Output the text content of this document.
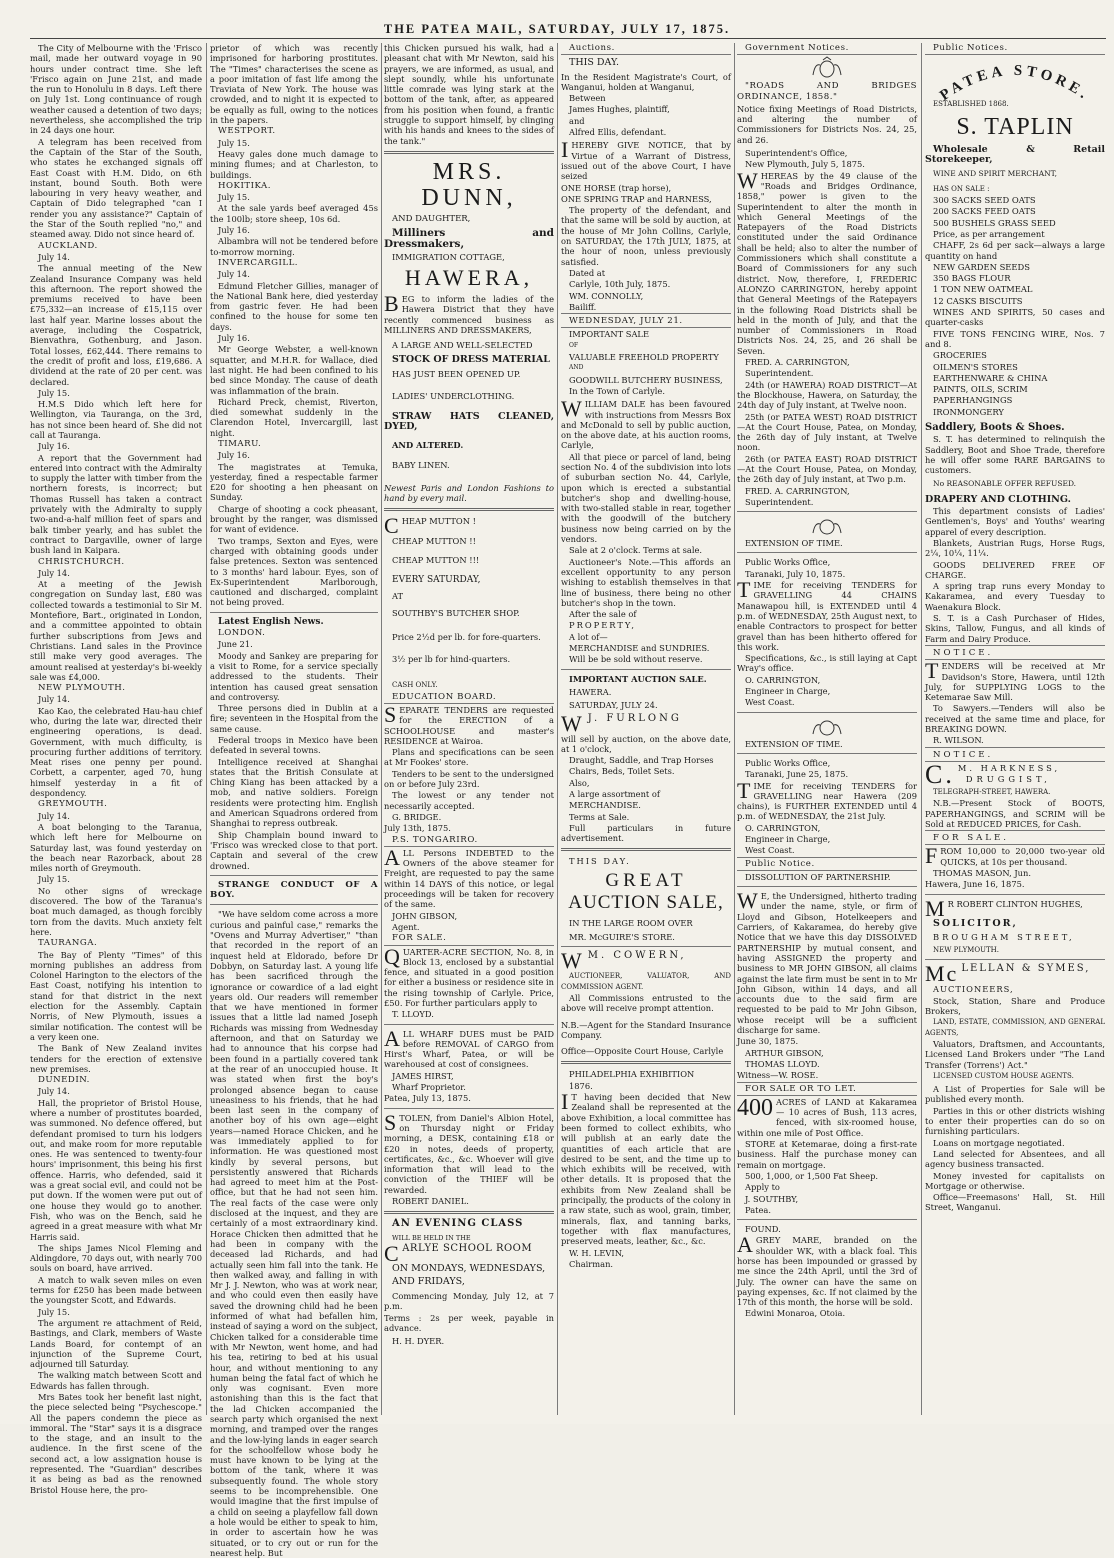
THE PATEA MAIL, SATURDAY, JULY 17, 1875.

The City of Melbourne with the 'Frisco mail, made her outward voyage in 90 hours under contract time. She left 'Frisco again on June 21st, and made the run to Honolulu in 8 days. Left there on July 1st. Long continuance of rough weather caused a detention of two days; nevertheless, she accomplished the trip in 24 days one hour.

A telegram has been received from the Captain of the Star of the South, who states he exchanged signals off East Coast with H.M. Dido, on 6th instant, bound South. Both were labouring in very heavy weather, and Captain of Dido telegraphed "can I render you any assistance?" Captain of the Star of the South replied "no," and steamed away. Dido not since heard of.

AUCKLAND.

July 14.

The annual meeting of the New Zealand Insurance Company was held this afternoon. The report showed the premiums received to have been £75,332—an increase of £15,115 over last half year. Marine losses about the average, including the Cospatrick, Bienvathra, Gothenburg, and Jason. Total losses, £62,444. There remains to the credit of profit and loss, £19,686. A dividend at the rate of 20 per cent. was declared.

July 15.

H.M.S Dido which left here for Wellington, via Tauranga, on the 3rd, has not since been heard of. She did not call at Tauranga.

July 16.

A report that the Government had entered into contract with the Admiralty to supply the latter with timber from the northern forests, is incorrect; but Thomas Russell has taken a contract privately with the Admiralty to supply two-and-a-half million feet of spars and balk timber yearly, and has sublet the contract to Dargaville, owner of large bush land in Kaipara.

CHRISTCHURCH.

July 14.

At a meeting of the Jewish congregation on Sunday last, £80 was collected towards a testimonial to Sir M. Montefiore, Bart., originated in London, and a committee appointed to obtain further subscriptions from Jews and Christians. Land sales in the Province still make very good averages. The amount realised at yesterday's bi-weekly sale was £4,000.

NEW PLYMOUTH.

July 14.

Kao Kao, the celebrated Hau-hau chief who, during the late war, directed their engineering operations, is dead. Government, with much difficulty, is procuring further additions of territory. Meat rises one penny per pound. Corbett, a carpenter, aged 70, hung himself yesterday in a fit of despondency.

GREYMOUTH.

July 14.

A boat belonging to the Taranua, which left here for Melbourne on Saturday last, was found yesterday on the beach near Razorback, about 28 miles north of Greymouth.

July 15.

No other signs of wreckage discovered. The bow of the Taranua's boat much damaged, as though forcibly torn from the davits. Much anxiety felt here.

TAURANGA.

The Bay of Plenty "Times" of this morning publishes an address from Colonel Harington to the electors of the East Coast, notifying his intention to stand for that district in the next election for the Assembly. Captain Norris, of New Plymouth, issues a similar notification. The contest will be a very keen one.

The Bank of New Zealand invites tenders for the erection of extensive new premises.

DUNEDIN.

July 14.

Hall, the proprietor of Bristol House, where a number of prostitutes boarded, was summoned. No defence offered, but defendant promised to turn his lodgers out, and make room for more reputable ones. He was sentenced to twenty-four hours' imprisonment, this being his first offence. Harris, who defended, said it was a great social evil, and could not be put down. If the women were put out of one house they would go to another. Fish, who was on the Bench, said he agreed in a great measure with what Mr Harris said.

The ships James Nicol Fleming and Aldingdore, 70 days out, with nearly 700 souls on board, have arrived.

A match to walk seven miles on even terms for £250 has been made between the youngster Scott, and Edwards.

July 15.

The argument re attachment of Reid, Bastings, and Clark, members of Waste Lands Board, for contempt of an injunction of the Supreme Court, adjourned till Saturday.

The walking match between Scott and Edwards has fallen through.

Mrs Bates took her benefit last night, the piece selected being "Psychescope." All the papers condemn the piece as immoral. The "Star" says it is a disgrace to the stage, and an insult to the audience. In the first scene of the second act, a low assignation house is represented. The "Guardian" describes it as being as bad as the renowned Bristol House here, the pro-

prietor of which was recently imprisoned for harboring prostitutes. The "Times" characterises the scene as a poor imitation of fast life among the Traviata of New York. The house was crowded, and to night it is expected to be equally as full, owing to the notices in the papers.

WESTPORT.

July 15.

Heavy gales done much damage to mining flumes; and at Charleston, to buildings.

HOKITIKA.

July 15.

At the sale yards beef averaged 45s the 100lb; store sheep, 10s 6d.

July 16.

Albambra will not be tendered before to-morrow morning.

INVERCARGILL.

July 14.

Edmund Fletcher Gillies, manager of the National Bank here, died yesterday from gastric fever. He had been confined to the house for some ten days.

July 16.

Mr George Webster, a well-known squatter, and M.H.R. for Wallace, died last night. He had been confined to his bed since Monday. The cause of death was inflammation of the brain.

Richard Preck, chemist, Riverton, died somewhat suddenly in the Clarendon Hotel, Invercargill, last night.

TIMARU.

July 16.

The magistrates at Temuka, yesterday, fined a respectable farmer £20 for shooting a hen pheasant on Sunday.

Charge of shooting a cock pheasant, brought by the ranger, was dismissed for want of evidence.

Two tramps, Sexton and Eyes, were charged with obtaining goods under false pretences. Sexton was sentenced to 3 months' hard labour. Eyes, son of Ex-Superintendent Marlborough, cautioned and discharged, complaint not being proved.

Latest English News.

LONDON.

June 21.

Moody and Sankey are preparing for a visit to Rome, for a service specially addressed to the students. Their intention has caused great sensation and controversy.

Three persons died in Dublin at a fire; seventeen in the Hospital from the same cause.

Federal troops in Mexico have been defeated in several towns.

Intelligence received at Shanghai states that the British Consulate at Ching Kiang has been attacked by a mob, and native soldiers. Foreign residents were protecting him. English and American Squadrons ordered from Shanghai to repress outbreak.

Ship Champlain bound inward to 'Frisco was wrecked close to that port. Captain and several of the crew drowned.

STRANGE CONDUCT OF A BOY.

"We have seldom come across a more curious and painful case," remarks the "Ovens and Murray Advertiser," "than that recorded in the report of an inquest held at Eldorado, before Dr Dobbyn, on Saturday last. A young life has been sacrificed through the ignorance or cowardice of a lad eight years old. Our readers will remember that we have mentioned in former issues that a little lad named Joseph Richards was missing from Wednesday afternoon, and that on Saturday we had to announce that his corpse had been found in a partially covered tank at the rear of an unoccupied house. It was stated when first the boy's prolonged absence began to cause uneasiness to his friends, that he had been last seen in the company of another boy of his own age—eight years—named Horace Chicken, and he was immediately applied to for information. He was questioned most kindly by several persons, but persistently answered that Richards had agreed to meet him at the Post-office, but that he had not seen him. The real facts of the case were only disclosed at the inquest, and they are certainly of a most extraordinary kind. Horace Chicken then admitted that he had been in company with the deceased lad Richards, and had actually seen him fall into the tank. He then walked away, and falling in with Mr J. J. Newton, who was at work near, and who could even then easily have saved the drowning child had he been informed of what had befallen him, instead of saying a word on the subject, Chicken talked for a considerable time with Mr Newton, went home, and had his tea, retiring to bed at his usual hour, and without mentioning to any human being the fatal fact of which he only was cognisant. Even more astonishing than this is the fact that the lad Chicken accompanied the search party which organised the next morning, and tramped over the ranges and the low-lying lands in eager search for the schoolfellow whose body he must have known to be lying at the bottom of the tank, where it was subsequently found. The whole story seems to be incomprehensible. One would imagine that the first impulse of a child on seeing a playfellow fall down a hole would be either to speak to him, in order to ascertain how he was situated, or to cry out or run for the nearest help. But

this Chicken pursued his walk, had a pleasant chat with Mr Newton, said his prayers, we are informed, as usual, and slept soundly, while his unfortunate little comrade was lying stark at the bottom of the tank, after, as appeared from his position when found, a frantic struggle to support himself, by clinging with his hands and knees to the sides of the tank."

MRS. DUNN,

AND DAUGHTER,

Milliners and Dressmakers,

IMMIGRATION COTTAGE,

HAWERA,

BEG to inform the ladies of the Hawera District that they have recently commenced business as MILLINERS AND DRESSMAKERS,

A LARGE AND WELL-SELECTED

STOCK OF DRESS MATERIAL

HAS JUST BEEN OPENED UP.

LADIES' UNDERCLOTHING.

STRAW HATS CLEANED, DYED,

AND ALTERED.

BABY LINEN.

Newest Paris and London Fashions to hand by every mail.

CHEAP MUTTON !

CHEAP MUTTON !!

CHEAP MUTTON !!!

EVERY SATURDAY,

AT

SOUTHBY'S BUTCHER SHOP.

Price 2½d per lb. for fore-quarters.

3½ per lb for hind-quarters.

CASH ONLY.

EDUCATION BOARD.

SEPARATE TENDERS are requested for the ERECTION of a SCHOOLHOUSE and master's RESIDENCE at Wairoa.

Plans and specifications can be seen at Mr Fookes' store.

Tenders to be sent to the undersigned on or before July 23rd.

The lowest or any tender not necessarily accepted.

G. BRIDGE.

July 13th, 1875.

P.S. TONGARIRO.

ALL Persons INDEBTED to the Owners of the above steamer for Freight, are requested to pay the same within 14 DAYS of this notice, or legal proceedings will be taken for recovery of the same.

JOHN GIBSON,

Agent.

FOR SALE.

QUARTER-ACRE SECTION, No. 8, in Block 13, enclosed by a substantial fence, and situated in a good position for either a business or residence site in the rising township of Carlyle. Price, £50. For further particulars apply to

T. LLOYD.

ALL WHARF DUES must be PAID before REMOVAL of CARGO from Hirst's Wharf, Patea, or will be warehoused at cost of consignees.

JAMES HIRST,

Wharf Proprietor.

Patea, July 13, 1875.

STOLEN, from Daniel's Albion Hotel, on Thursday night or Friday morning, a DESK, containing £18 or £20 in notes, deeds of property, certificates, &c., &c. Whoever will give information that will lead to the conviction of the THIEF will be rewarded.

ROBERT DANIEL.

AN EVENING CLASS

WILL BE HELD IN THE

CARLYE SCHOOL ROOM

ON MONDAYS, WEDNESDAYS,

AND FRIDAYS,

Commencing Monday, July 12, at 7 p.m.

Terms : 2s per week, payable in advance.

H. H. DYER.

Auctions.

THIS DAY.

In the Resident Magistrate's Court, of Wanganui, holden at Wanganui,

Between

James Hughes, plaintiff,

and

Alfred Ellis, defendant.

IHEREBY GIVE NOTICE, that by Virtue of a Warrant of Distress, issued out of the above Court, I have seized

ONE HORSE (trap horse),

ONE SPRING TRAP and HARNESS,

The property of the defendant, and that the same will be sold by auction, at the house of Mr John Collins, Carlyle, on SATURDAY, the 17th JULY, 1875, at the hour of noon, unless previously satisfied.

Dated at

Carlyle, 10th July, 1875.

WM. CONNOLLY,

Bailiff.

WEDNESDAY, JULY 21.

IMPORTANT SALE

OF

VALUABLE FREEHOLD PROPERTY

AND

GOODWILL BUTCHERY BUSINESS,

In the Town of Carlyle.

WILLIAM DALE has been favoured with instructions from Messrs Box and McDonald to sell by public auction, on the above date, at his auction rooms, Carlyle,

All that piece or parcel of land, being section No. 4 of the subdivision into lots of suburban section No. 44, Carlyle, upon which is erected a substantial butcher's shop and dwelling-house, with two-stalled stable in rear, together with the goodwill of the butchery business now being carried on by the vendors.

Sale at 2 o'clock. Terms at sale.

Auctioneer's Note.—This affords an excellent opportunity to any person wishing to establish themselves in that line of business, there being no other butcher's shop in the town.

After the sale of

PROPERTY,

A lot of—

MERCHANDISE and SUNDRIES.

Will be be sold without reserve.

IMPORTANT AUCTION SALE.

HAWERA.

SATURDAY, JULY 24.

W J. FURLONG

will sell by auction, on the above date, at 1 o'clock,

Draught, Saddle, and Trap Horses

Chairs, Beds, Toilet Sets.

Also,

A large assortment of

MERCHANDISE.

Terms at Sale.

Full particulars in future advertisement.

THIS DAY.

GREAT
AUCTION SALE,

IN THE LARGE ROOM OVER

MR. McGUIRE'S STORE.

W M. COWERN,

AUCTIONEER, VALUATOR, AND COMMISSION AGENT.

All Commissions entrusted to the above will receive prompt attention.

N.B.—Agent for the Standard Insurance Company.

Office—Opposite Court House, Carlyle

PHILADELPHIA EXHIBITION

1876.

I T having been decided that New Zealand shall be represented at the above Exhibition, a local committee has been formed to collect exhibits, who will publish at an early date the quantities of each article that are desired to be sent, and the time up to which exhibits will be received, with other details. It is proposed that the exhibits from New Zealand shall be principally, the products of the colony in a raw state, such as wool, grain, timber, minerals, flax, and tanning barks, together with flax manufactures, preserved meats, leather, &c., &c.

W. H. LEVIN,

Chairman.

Government Notices.

"ROADS AND BRIDGES ORDINANCE, 1858."

Notice fixing Meetings of Road Districts, and altering the number of Commissioners for Districts Nos. 24, 25, and 26.

Superintendent's Office,

New Plymouth, July 5, 1875.

WHEREAS by the 49 clause of the "Roads and Bridges Ordinance, 1858," power is given to the Superintendent to alter the month in which General Meetings of the Ratepayers of the Road Districts constituted under the said Ordinance shall be held; also to alter the number of Commissioners which shall constitute a Board of Commissioners for any such district. Now, therefore, I, FREDERIC ALONZO CARRINGTON, hereby appoint that General Meetings of the Ratepayers in the following Road Districts shall be held in the month of July, and that the number of Commissioners in Road Districts Nos. 24, 25, and 26 shall be Seven.

FRED. A. CARRINGTON,

Superintendent.

24th (or HAWERA) ROAD DISTRICT—At the Blockhouse, Hawera, on Saturday, the 24th day of July instant, at Twelve noon.

25th (or PATEA WEST) ROAD DISTRICT—At the Court House, Patea, on Monday, the 26th day of July instant, at Twelve noon.

26th (or PATEA EAST) ROAD DISTRICT—At the Court House, Patea, on Monday, the 26th day of July instant, at Two p.m.

FRED. A. CARRINGTON,

Superintendent.

EXTENSION OF TIME.

Public Works Office,

Taranaki, July 10, 1875.

TIME for receiving TENDERS for GRAVELLING 44 CHAINS Manawapou hill, is EXTENDED until 4 p.m. of WEDNESDAY, 25th August next, to enable Contractors to prospect for better gravel than has been hitherto offered for this work.

Specifications, &c., is still laying at Capt Wray's office.

O. CARRINGTON,

Engineer in Charge,

West Coast.

EXTENSION OF TIME.

Public Works Office,

Taranaki, June 25, 1875.

TIME for receiving TENDERS for GRAVELLING near Hawera (209 chains), is FURTHER EXTENDED until 4 p.m. of WEDNESDAY, the 21st July.

O. CARRINGTON,

Engineer in Charge,

West Coast.

Public Notice.

DISSOLUTION OF PARTNERSHIP.

W E, the Undersigned, hitherto trading under the name, style, or firm of Lloyd and Gibson, Hotelkeepers and Carriers, of Kakaramea, do hereby give Notice that we have this day DISSOLVED PARTNERSHIP by mutual consent, and having ASSIGNED the property and business to MR JOHN GIBSON, all claims against the late firm must be sent in to Mr John Gibson, within 14 days, and all accounts due to the said firm are requested to be paid to Mr John Gibson, whose receipt will be a sufficient discharge for same.

June 30, 1875.

ARTHUR GIBSON,

THOMAS LLOYD.

Witness—W. ROSE.

FOR SALE OR TO LET.

400 ACRES of LAND at Kakaramea — 10 acres of Bush, 113 acres, fenced, with six-roomed house, within one mile of Post Office.

STORE at Ketemarae, doing a first-rate business. Half the purchase money can remain on mortgage.

500, 1,000, or 1,500 Fat Sheep.

Apply to

J. SOUTHBY,

Patea.

FOUND.

AGREY MARE, branded on the shoulder WK, with a black foal. This horse has been impounded or grassed by me since the 24th April, until the 3rd of July. The owner can have the same on paying expenses, &c. If not claimed by the 17th of this month, the horse will be sold.

Edwini Monaroa, Otoia.

Public Notices.

PATEA STORE.

ESTABLISHED 1868.

S. TAPLIN

Wholesale & Retail Storekeeper,

WINE AND SPIRIT MERCHANT,

HAS ON SALE :

300 SACKS SEED OATS

200 SACKS FEED OATS

500 BUSHELS GRASS SEED

Price, as per arrangement

CHAFF, 2s 6d per sack—always a large quantity on hand

NEW GARDEN SEEDS

350 BAGS FLOUR

1 TON NEW OATMEAL

12 CASKS BISCUITS

WINES AND SPIRITS, 50 cases and quarter-casks

FIVE TONS FENCING WIRE, Nos. 7 and 8.

GROCERIES

OILMEN'S STORES

EARTHENWARE & CHINA

PAINTS, OILS, SCRIM

PAPERHANGINGS

IRONMONGERY

Saddlery, Boots & Shoes.

S. T. has determined to relinquish the Saddlery, Boot and Shoe Trade, therefore he will offer some RARE BARGAINS to customers.

No REASONABLE OFFER REFUSED.

DRAPERY AND CLOTHING.

This department consists of Ladies' Gentlemen's, Boys' and Youths' wearing apparel of every description.

Blankets, Austrian Rugs, Horse Rugs, 2¼, 10¼, 11¼.

GOODS DELIVERED FREE OF CHARGE.

A spring trap runs every Monday to Kakaramea, and every Tuesday to Waenakura Block.

S. T. is a Cash Purchaser of Hides, Skins, Tallow, Fungus, and all kinds of Farm and Dairy Produce.

NOTICE.

TENDERS will be received at Mr Davidson's Store, Hawera, until 12th July, for SUPPLYING LOGS to the Ketemarae Saw Mill.

To Sawyers.—Tenders will also be received at the same time and place, for BREAKING DOWN.

R. WILSON.

NOTICE.

C. M. HARKNESS,

DRUGGIST,

TELEGRAPH-STREET, HAWERA.

N.B.—Present Stock of BOOTS, PAPERHANGINGS, and SCRIM will be Sold at REDUCED PRICES, for Cash.

FOR SALE.

FROM 10,000 to 20,000 two-year old QUICKS, at 10s per thousand.

THOMAS MASON, Jun.

Hawera, June 16, 1875.

M R ROBERT CLINTON HUGHES,

SOLICITOR,

BROUGHAM STREET,

NEW PLYMOUTH.

Mc LELLAN & SYMES,

AUCTIONEERS,

Stock, Station, Share and Produce Brokers,

LAND, ESTATE, COMMISSION, AND GENERAL AGENTS,

Valuators, Draftsmen, and Accountants, Licensed Land Brokers under "The Land Transfer (Torrens') Act."

LICENSED CUSTOM HOUSE AGENTS.

A List of Properties for Sale will be published every month.

Parties in this or other districts wishing to enter their properties can do so on furnishing particulars.

Loans on mortgage negotiated.

Land selected for Absentees, and all agency business transacted.

Money invested for capitalists on Mortgage or otherwise.

Office—Freemasons' Hall, St. Hill Street, Wanganui.
